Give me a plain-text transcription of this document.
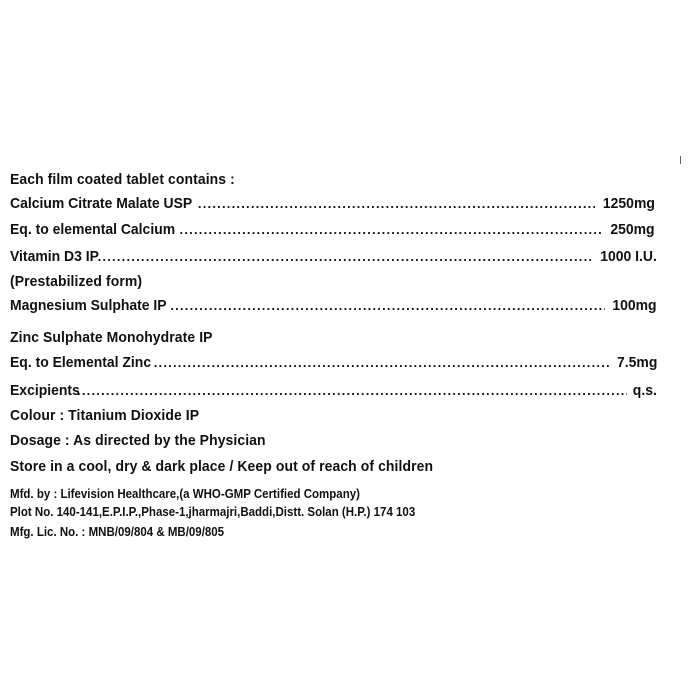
Each film coated tablet contains :
Calcium Citrate Malate USP .....	1250mg
Eq. to elemental Calcium .....	250mg
Vitamin D3 IP .....	1000 I.U.
(Prestabilized form)
Magnesium Sulphate IP .....	100mg
Zinc Sulphate Monohydrate IP
Eq. to Elemental Zinc .....	7.5mg
Excipients .....	q.s.
Colour : Titanium Dioxide IP
Dosage : As directed by the Physician
Store in a cool, dry & dark place / Keep out of reach of children
Mfd. by : Lifevision Healthcare,(a WHO-GMP Certified Company)
Plot No. 140-141,E.P.I.P.,Phase-1,jharmajri,Baddi,Distt. Solan (H.P.) 174 103
Mfg. Lic. No. : MNB/09/804 & MB/09/805
